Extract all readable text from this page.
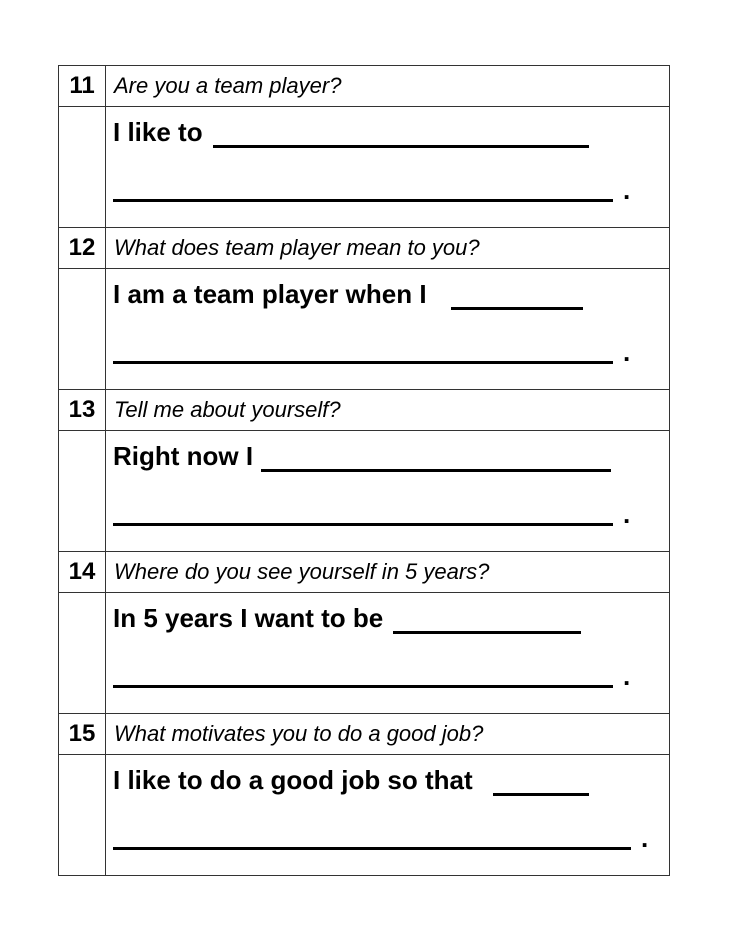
11	Are you a team player?

	I like to
.

12	What does team player mean to you?

	I am a team player when I
.

13	Tell me about yourself?

	Right now I
.

14	Where do you see yourself in 5 years?

	In 5 years I want to be
.

15	What motivates you to do a good job?

	I like to do a good job so that
.
